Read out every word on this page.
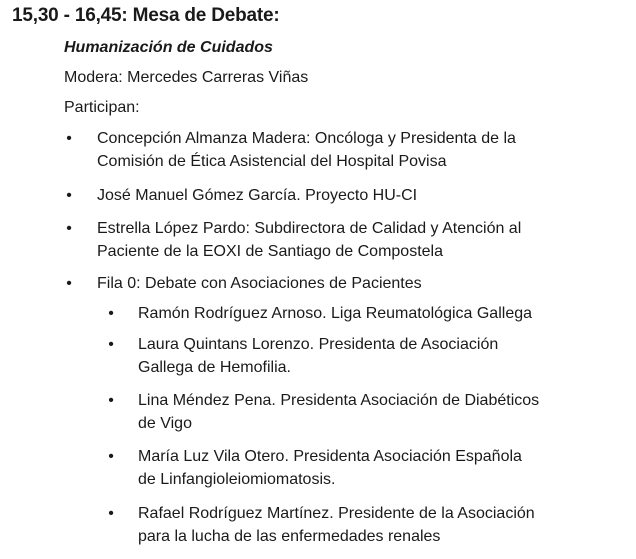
15,30 - 16,45: Mesa de Debate:
Humanización de Cuidados
Modera: Mercedes Carreras Viñas
Participan:
• Concepción Almanza Madera: Oncóloga y Presidenta de la
Comisión de Ética Asistencial del Hospital Povisa
• José Manuel Gómez García. Proyecto HU-CI
• Estrella López Pardo: Subdirectora de Calidad y Atención al
Paciente de la EOXI de Santiago de Compostela
• Fila 0: Debate con Asociaciones de Pacientes
• Ramón Rodríguez Arnoso. Liga Reumatológica Gallega
• Laura Quintans Lorenzo. Presidenta de Asociación
Gallega de Hemofilia.
• Lina Méndez Pena. Presidenta Asociación de Diabéticos
de Vigo
• María Luz Vila Otero. Presidenta Asociación Española
de Linfangioleiomiomatosis.
• Rafael Rodríguez Martínez. Presidente de la Asociación
para la lucha de las enfermedades renales
